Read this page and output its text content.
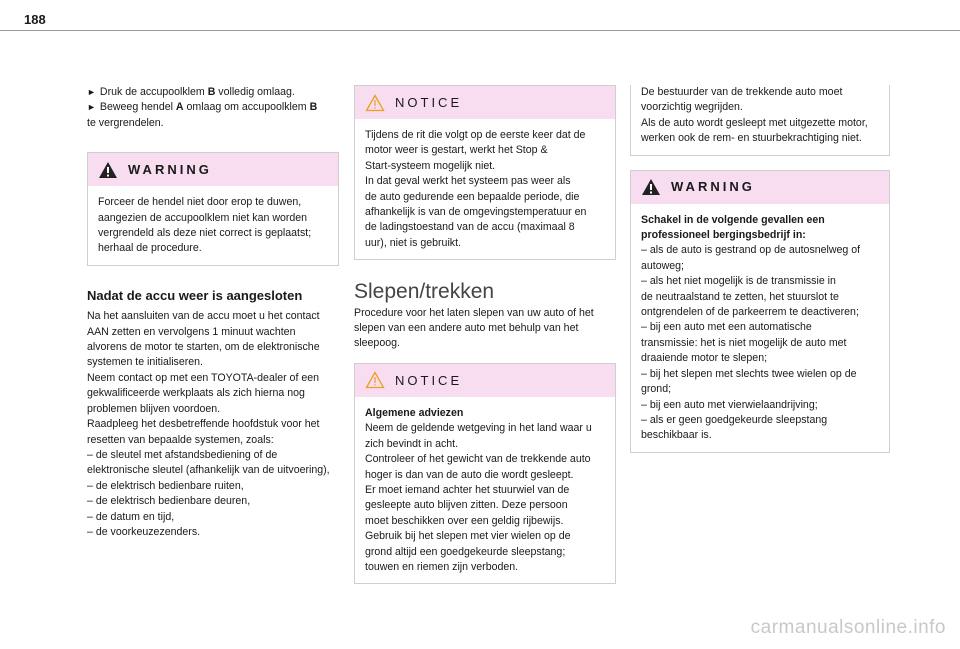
188
► Druk de accupoolklem B volledig omlaag.
► Beweeg hendel A omlaag om accupoolklem B
te vergrendelen.
WARNING
Forceer de hendel niet door erop te duwen,
aangezien de accupoolklem niet kan worden
vergrendeld als deze niet correct is geplaatst;
herhaal de procedure.
Nadat de accu weer is aangesloten
Na het aansluiten van de accu moet u het contact
AAN zetten en vervolgens 1 minuut wachten
alvorens de motor te starten, om de elektronische
systemen te initialiseren.
Neem contact op met een TOYOTA-dealer of een
gekwalificeerde werkplaats als zich hierna nog
problemen blijven voordoen.
Raadpleeg het desbetreffende hoofdstuk voor het
resetten van bepaalde systemen, zoals:
– de sleutel met afstandsbediening of de
elektronische sleutel (afhankelijk van de uitvoering),
– de elektrisch bedienbare ruiten,
– de elektrisch bedienbare deuren,
– de datum en tijd,
– de voorkeuzezenders.
NOTICE
Tijdens de rit die volgt op de eerste keer dat de
motor weer is gestart, werkt het Stop &
Start-systeem mogelijk niet.
In dat geval werkt het systeem pas weer als
de auto gedurende een bepaalde periode, die
afhankelijk is van de omgevingstemperatuur en
de ladingstoestand van de accu (maximaal 8
uur), niet is gebruikt.
Slepen/trekken
Procedure voor het laten slepen van uw auto of het
slepen van een andere auto met behulp van het
sleepoog.
NOTICE
Algemene adviezen
Neem de geldende wetgeving in het land waar u
zich bevindt in acht.
Controleer of het gewicht van de trekkende auto
hoger is dan van de auto die wordt gesleept.
Er moet iemand achter het stuurwiel van de
gesleepte auto blijven zitten. Deze persoon
moet beschikken over een geldig rijbewijs.
Gebruik bij het slepen met vier wielen op de
grond altijd een goedgekeurde sleepstang;
touwen en riemen zijn verboden.
De bestuurder van de trekkende auto moet
voorzichtig wegrijden.
Als de auto wordt gesleept met uitgezette motor,
werken ook de rem- en stuurbekrachtiging niet.
WARNING
Schakel in de volgende gevallen een
professioneel bergingsbedrijf in:
– als de auto is gestrand op de autosnelweg of
autoweg;
– als het niet mogelijk is de transmissie in
de neutraalstand te zetten, het stuurslot te
ontgrendelen of de parkeerrem te deactiveren;
– bij een auto met een automatische
transmissie: het is niet mogelijk de auto met
draaiende motor te slepen;
– bij het slepen met slechts twee wielen op de
grond;
– bij een auto met vierwielaandrijving;
– als er geen goedgekeurde sleepstang
beschikbaar is.
carmanualsonline.info
